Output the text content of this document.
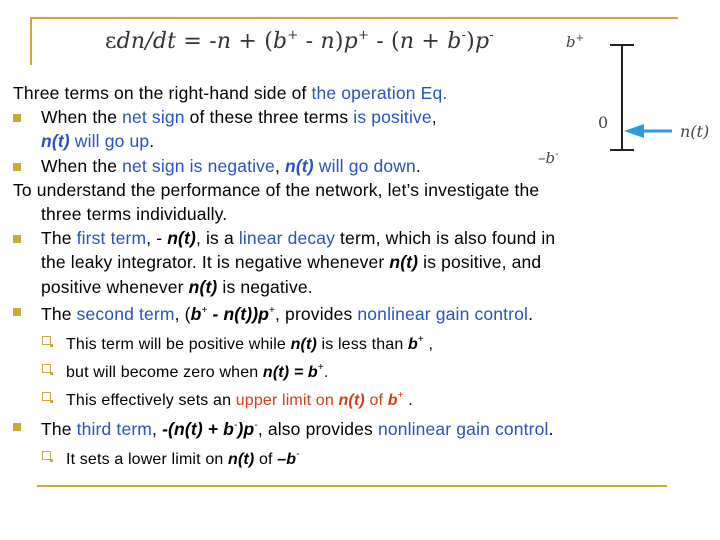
εdn/dt = -n + (b+ - n)p+ - (n + b-)p-	b+
0
–b-
n(t)
Three terms on the right-hand side of the operation Eq.
When the net sign of these three terms is positive,
n(t) will go up.
When the net sign is negative, n(t) will go down.
To understand the performance of the network, let’s investigate the
three terms individually.
The first term, - n(t), is a linear decay term, which is also found in
the leaky integrator. It is negative whenever n(t) is positive, and
positive whenever n(t) is negative.
The second term, (b+ - n(t))p+, provides nonlinear gain control.
This term will be positive while n(t) is less than b+ ,
but will become zero when n(t) = b+.
This effectively sets an upper limit on n(t) of b+ .
The third term, -(n(t) + b-)p-, also provides nonlinear gain control.
It sets a lower limit on n(t) of –b-
